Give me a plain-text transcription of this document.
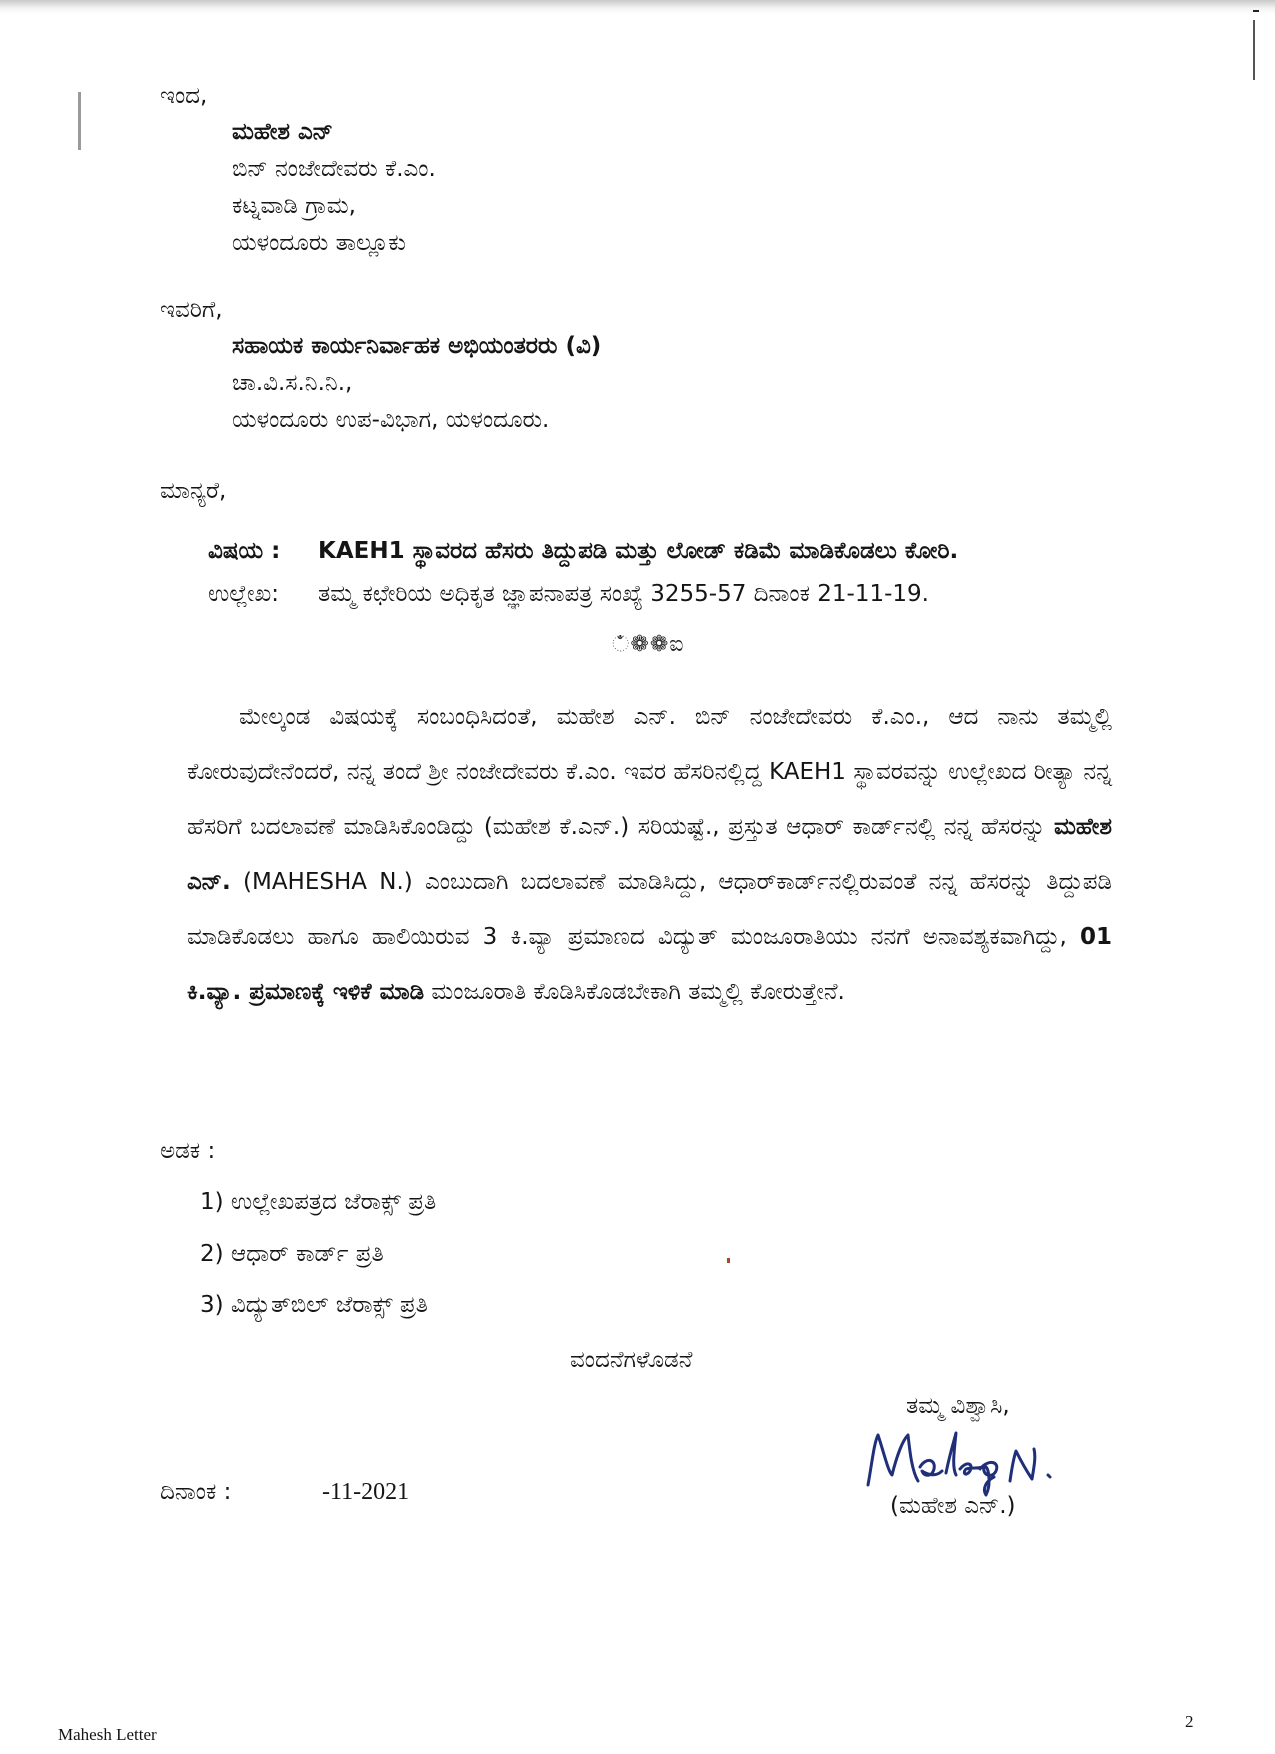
ಇಂದ,
ಮಹೇಶ ಎನ್
ಬಿನ್ ನಂಜೇದೇವರು ಕೆ.ಎಂ.
ಕಟ್ನವಾಡಿ ಗ್ರಾಮ,
ಯಳಂದೂರು ತಾಲ್ಲೂಕು
ಇವರಿಗೆ,
ಸಹಾಯಕ ಕಾರ್ಯನಿರ್ವಾಹಕ ಅಭಿಯಂತರರು (ವಿ)
ಚಾ.ವಿ.ಸ.ನಿ.ನಿ.,
ಯಳಂದೂರು ಉಪ-ವಿಭಾಗ, ಯಳಂದೂರು.
ಮಾನ್ಯರೆ,
ವಿಷಯ : KAEH1 ಸ್ಥಾವರದ ಹೆಸರು ತಿದ್ದುಪಡಿ ಮತ್ತು ಲೋಡ್ ಕಡಿಮೆ ಮಾಡಿಕೊಡಲು ಕೋರಿ.
ಉಲ್ಲೇಖ: ತಮ್ಮ ಕಛೇರಿಯ ಅಧಿಕೃತ ಜ್ಞಾಪನಾಪತ್ರ ಸಂಖ್ಯೆ 3255-57 ದಿನಾಂಕ 21-11-19.
ಁ❁❁ಐ
ಮೇಲ್ಕಂಡ ವಿಷಯಕ್ಕೆ ಸಂಬಂಧಿಸಿದಂತೆ, ಮಹೇಶ ಎನ್. ಬಿನ್ ನಂಜೇದೇವರು ಕೆ.ಎಂ., ಆದ ನಾನು ತಮ್ಮಲ್ಲಿ ಕೋರುವುದೇನೆಂದರೆ, ನನ್ನ ತಂದೆ ಶ್ರೀ ನಂಜೇದೇವರು ಕೆ.ಎಂ. ಇವರ ಹೆಸರಿನಲ್ಲಿದ್ದ KAEH1 ಸ್ಥಾವರವನ್ನು ಉಲ್ಲೇಖದ ರೀತ್ಯಾ ನನ್ನ ಹೆಸರಿಗೆ ಬದಲಾವಣೆ ಮಾಡಿಸಿಕೊಂಡಿದ್ದು (ಮಹೇಶ ಕೆ.ಎನ್.) ಸರಿಯಷ್ಟೆ., ಪ್ರಸ್ತುತ ಆಧಾರ್ ಕಾರ್ಡ್‌ನಲ್ಲಿ ನನ್ನ ಹೆಸರನ್ನು ಮಹೇಶ ಎನ್. (MAHESHA N.) ಎಂಬುದಾಗಿ ಬದಲಾವಣೆ ಮಾಡಿಸಿದ್ದು, ಆಧಾರ್‌ಕಾರ್ಡ್‌ನಲ್ಲಿರುವಂತೆ ನನ್ನ ಹೆಸರನ್ನು ತಿದ್ದುಪಡಿ ಮಾಡಿಕೊಡಲು ಹಾಗೂ ಹಾಲಿಯಿರುವ 3 ಕಿ.ವ್ಯಾ ಪ್ರಮಾಣದ ವಿದ್ಯುತ್ ಮಂಜೂರಾತಿಯು ನನಗೆ ಅನಾವಶ್ಯಕವಾಗಿದ್ದು, 01 ಕಿ.ವ್ಯಾ. ಪ್ರಮಾಣಕ್ಕೆ ಇಳಿಕೆ ಮಾಡಿ ಮಂಜೂರಾತಿ ಕೊಡಿಸಿಕೊಡಬೇಕಾಗಿ ತಮ್ಮಲ್ಲಿ ಕೋರುತ್ತೇನೆ.
ಅಡಕ :
1) ಉಲ್ಲೇಖಪತ್ರದ ಜೆರಾಕ್ಸ್ ಪ್ರತಿ
2) ಆಧಾರ್ ಕಾರ್ಡ್ ಪ್ರತಿ
3) ವಿದ್ಯುತ್‌ಬಿಲ್ ಜೆರಾಕ್ಸ್ ಪ್ರತಿ
ವಂದನೆಗಳೊಡನೆ
ತಮ್ಮ ವಿಶ್ವಾಸಿ,
(ಮಹೇಶ ಎನ್.)
ದಿನಾಂಕ :	-11-2021
Mahesh Letter
2
